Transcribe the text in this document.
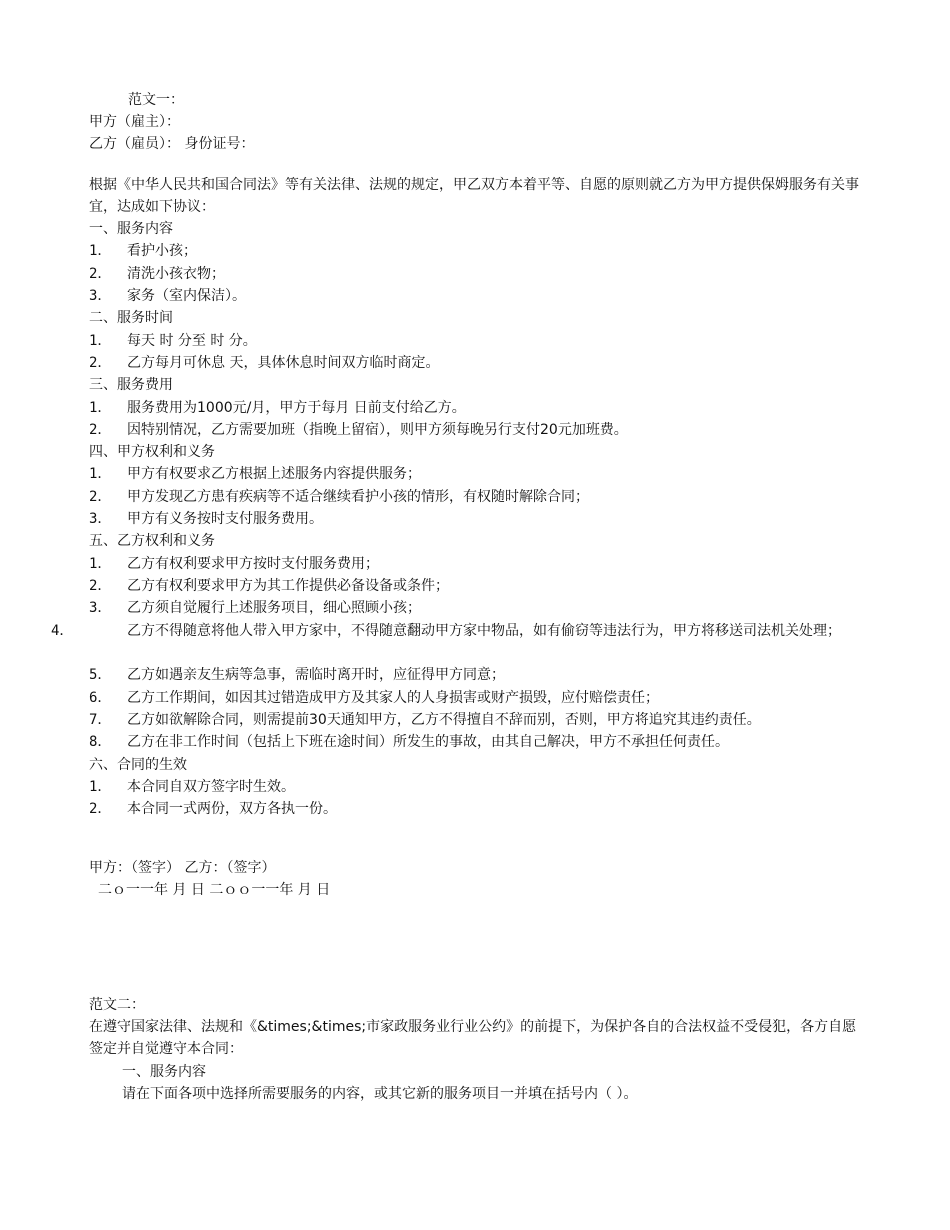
范文一：
甲方（雇主）：
乙方（雇员）： 身份证号：
根据《中华人民共和国合同法》等有关法律、法规的规定，甲乙双方本着平等、自愿的原则就乙方为甲方提供保姆服务有关事宜，达成如下协议：
一、服务内容
1． 看护小孩；
2． 清洗小孩衣物；
3． 家务（室内保洁）。
二、服务时间
1． 每天 时 分至 时 分。
2． 乙方每月可休息 天，具体休息时间双方临时商定。
三、服务费用
1． 服务费用为1000元/月，甲方于每月 日前支付给乙方。
2． 因特别情况，乙方需要加班（指晚上留宿），则甲方须每晚另行支付20元加班费。
四、甲方权利和义务
1． 甲方有权要求乙方根据上述服务内容提供服务；
2． 甲方发现乙方患有疾病等不适合继续看护小孩的情形，有权随时解除合同；
3． 甲方有义务按时支付服务费用。
五、乙方权利和义务
1． 乙方有权利要求甲方按时支付服务费用；
2． 乙方有权利要求甲方为其工作提供必备设备或条件；
3． 乙方须自觉履行上述服务项目，细心照顾小孩；
4．	乙方不得随意将他人带入甲方家中，不得随意翻动甲方家中物品，如有偷窃等违法行为，甲方将移送司法机关处理；
5． 乙方如遇亲友生病等急事，需临时离开时，应征得甲方同意；
6． 乙方工作期间，如因其过错造成甲方及其家人的人身损害或财产损毁，应付赔偿责任；
7． 乙方如欲解除合同，则需提前30天通知甲方，乙方不得擅自不辞而别，否则，甲方将追究其违约责任。
8． 乙方在非工作时间（包括上下班在途时间）所发生的事故，由其自己解决，甲方不承担任何责任。
六、合同的生效
1． 本合同自双方签字时生效。
2． 本合同一式两份，双方各执一份。
甲方：（签字） 乙方：（签字）
二ｏ一一年 月 日 二ｏｏ一一年 月 日
范文二：
在遵守国家法律、法规和《&times;&times;市家政服务业行业公约》的前提下，为保护各自的合法权益不受侵犯，各方自愿签定并自觉遵守本合同：
一、服务内容
请在下面各项中选择所需要服务的内容，或其它新的服务项目一并填在括号内（ ）。
